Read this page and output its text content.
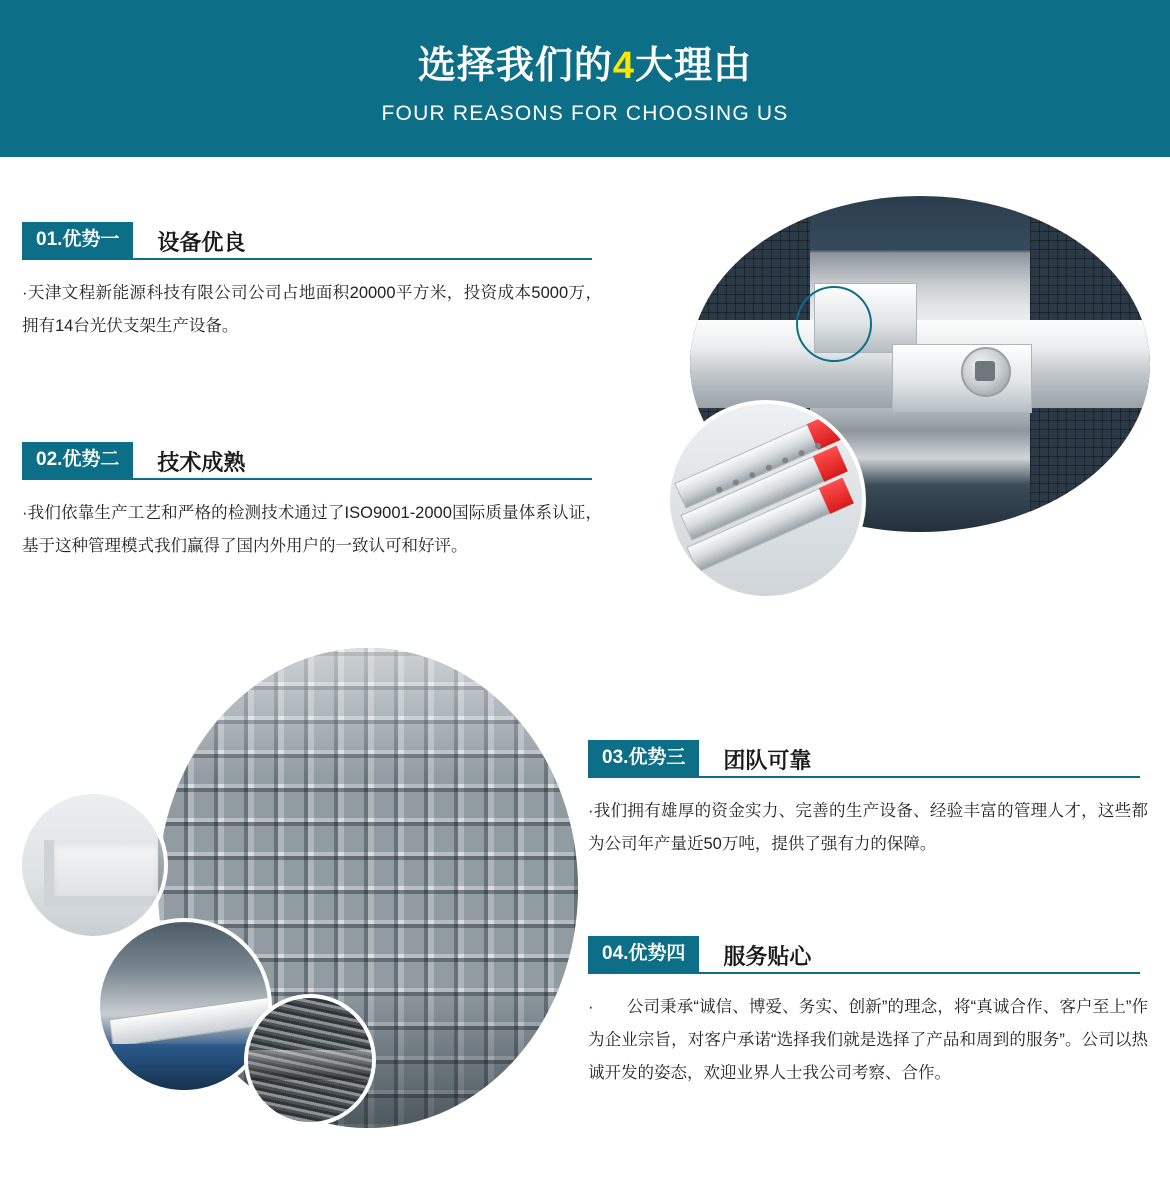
选择我们的4大理由

FOUR REASONS FOR CHOOSING US

01.优势一	设备优良

·天津文程新能源科技有限公司公司占地面积20000平方米，投资成本5000万，拥有14台光伏支架生产设备。

02.优势二	技术成熟

·我们依靠生产工艺和严格的检测技术通过了ISO9001-2000国际质量体系认证，基于这种管理模式我们赢得了国内外用户的一致认可和好评。

03.优势三	团队可靠

·我们拥有雄厚的资金实力、完善的生产设备、经验丰富的管理人才，这些都为公司年产量近50万吨，提供了强有力的保障。

04.优势四	服务贴心

·　　公司秉承“诚信、博爱、务实、创新”的理念，将“真诚合作、客户至上”作为企业宗旨，对客户承诺“选择我们就是选择了产品和周到的服务”。公司以热诚开发的姿态，欢迎业界人士我公司考察、合作。
